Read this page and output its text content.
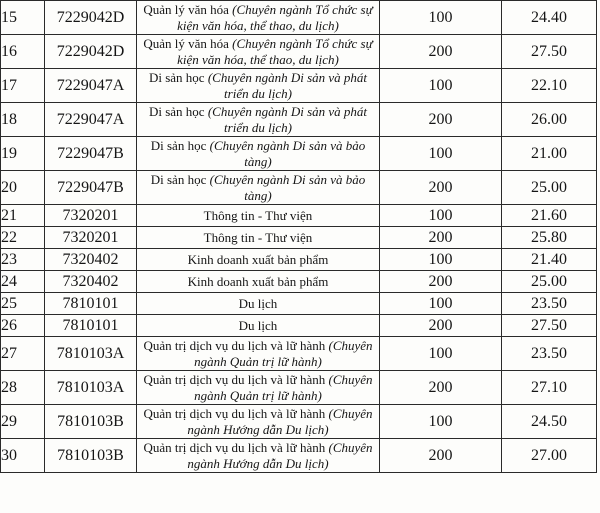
15	7229042D	Quản lý văn hóa (Chuyên ngành Tổ chức sự kiện văn hóa, thể thao, du lịch)	100	24.40
16	7229042D	Quản lý văn hóa (Chuyên ngành Tổ chức sự kiện văn hóa, thể thao, du lịch)	200	27.50
17	7229047A	Di sản học (Chuyên ngành Di sản và phát triển du lịch)	100	22.10
18	7229047A	Di sản học (Chuyên ngành Di sản và phát triển du lịch)	200	26.00
19	7229047B	Di sản học (Chuyên ngành Di sản và bảo tàng)	100	21.00
20	7229047B	Di sản học (Chuyên ngành Di sản và bảo tàng)	200	25.00
21	7320201	Thông tin - Thư viện	100	21.60
22	7320201	Thông tin - Thư viện	200	25.80
23	7320402	Kinh doanh xuất bản phẩm	100	21.40
24	7320402	Kinh doanh xuất bản phẩm	200	25.00
25	7810101	Du lịch	100	23.50
26	7810101	Du lịch	200	27.50
27	7810103A	Quản trị dịch vụ du lịch và lữ hành (Chuyên ngành Quản trị lữ hành)	100	23.50
28	7810103A	Quản trị dịch vụ du lịch và lữ hành (Chuyên ngành Quản trị lữ hành)	200	27.10
29	7810103B	Quản trị dịch vụ du lịch và lữ hành (Chuyên ngành Hướng dẫn Du lịch)	100	24.50
30	7810103B	Quản trị dịch vụ du lịch và lữ hành (Chuyên ngành Hướng dẫn Du lịch)	200	27.00
